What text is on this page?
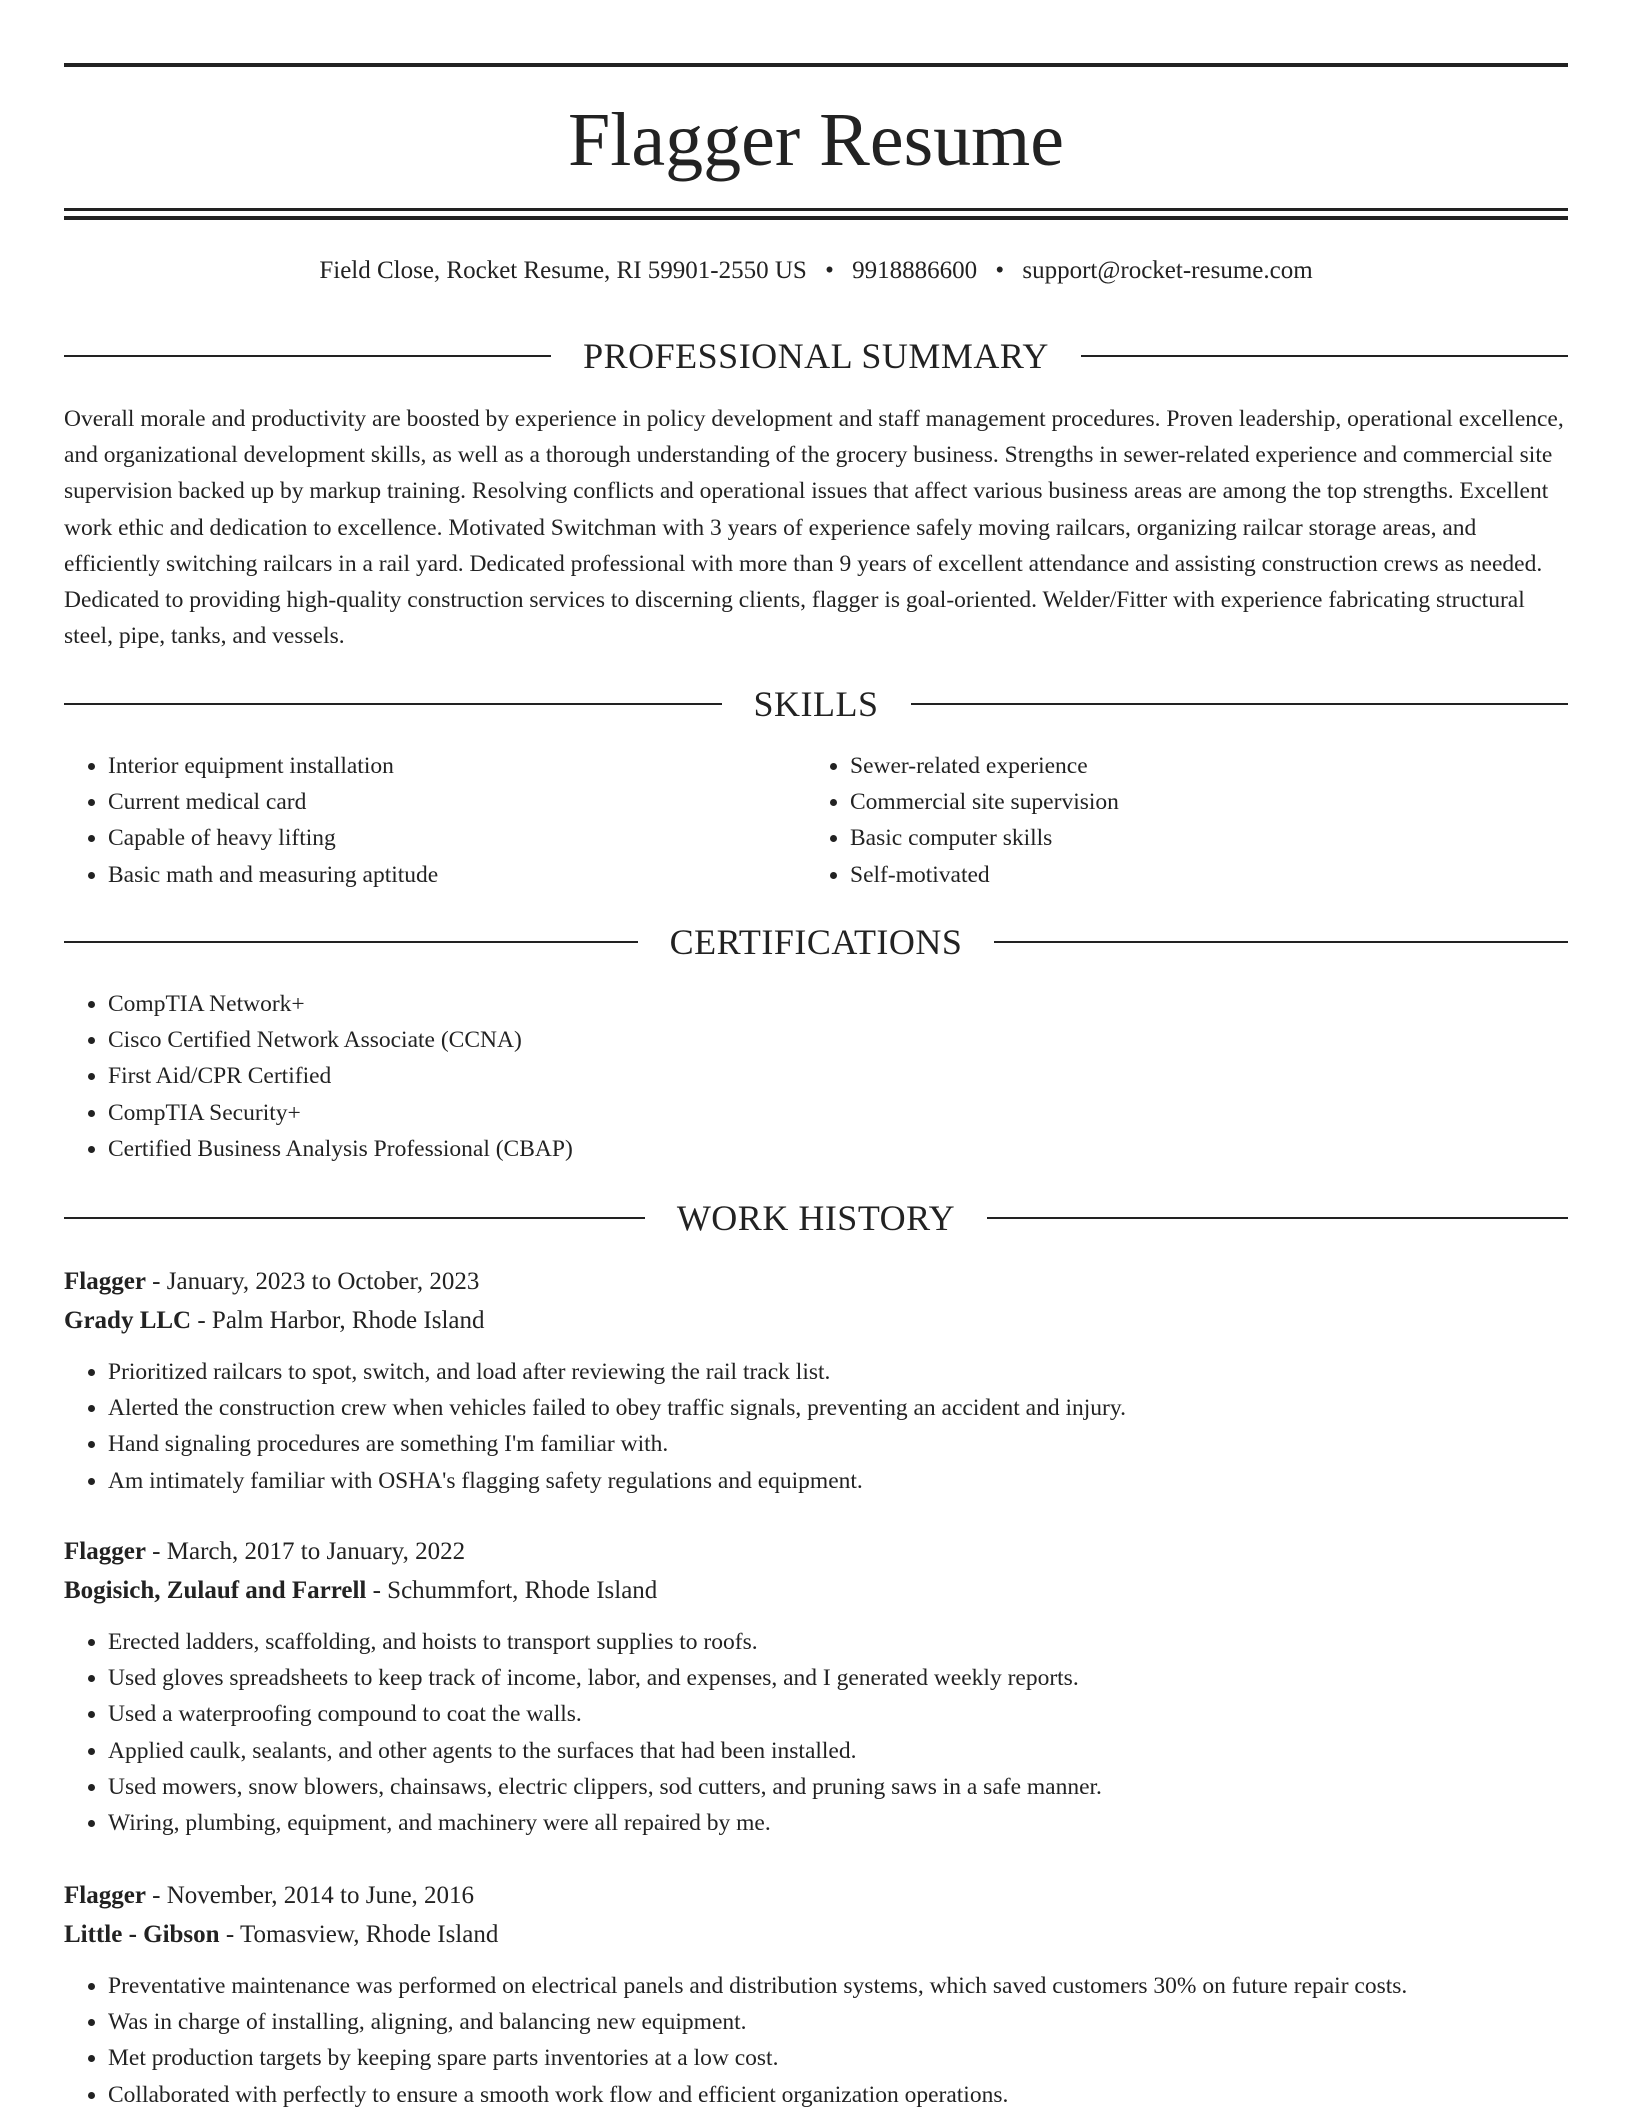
Flagger Resume
Field Close, Rocket Resume, RI 59901-2550 US • 9918886600 • support@rocket-resume.com
PROFESSIONAL SUMMARY

Overall morale and productivity are boosted by experience in policy development and staff management procedures. Proven leadership, operational excellence, and organizational development skills, as well as a thorough understanding of the grocery business. Strengths in sewer-related experience and commercial site supervision backed up by markup training. Resolving conflicts and operational issues that affect various business areas are among the top strengths. Excellent work ethic and dedication to excellence. Motivated Switchman with 3 years of experience safely moving railcars, organizing railcar storage areas, and efficiently switching railcars in a rail yard. Dedicated professional with more than 9 years of excellent attendance and assisting construction crews as needed. Dedicated to providing high-quality construction services to discerning clients, flagger is goal-oriented. Welder/Fitter with experience fabricating structural steel, pipe, tanks, and vessels.

SKILLS
• Interior equipment installation
• Current medical card
• Capable of heavy lifting
• Basic math and measuring aptitude
• Sewer-related experience
• Commercial site supervision
• Basic computer skills
• Self-motivated
CERTIFICATIONS
• CompTIA Network+
• Cisco Certified Network Associate (CCNA)
• First Aid/CPR Certified
• CompTIA Security+
• Certified Business Analysis Professional (CBAP)
WORK HISTORY
Flagger - January, 2023 to October, 2023
Grady LLC - Palm Harbor, Rhode Island
• Prioritized railcars to spot, switch, and load after reviewing the rail track list.
• Alerted the construction crew when vehicles failed to obey traffic signals, preventing an accident and injury.
• Hand signaling procedures are something I'm familiar with.
• Am intimately familiar with OSHA's flagging safety regulations and equipment.
Flagger - March, 2017 to January, 2022
Bogisich, Zulauf and Farrell - Schummfort, Rhode Island
• Erected ladders, scaffolding, and hoists to transport supplies to roofs.
• Used gloves spreadsheets to keep track of income, labor, and expenses, and I generated weekly reports.
• Used a waterproofing compound to coat the walls.
• Applied caulk, sealants, and other agents to the surfaces that had been installed.
• Used mowers, snow blowers, chainsaws, electric clippers, sod cutters, and pruning saws in a safe manner.
• Wiring, plumbing, equipment, and machinery were all repaired by me.
Flagger - November, 2014 to June, 2016
Little - Gibson - Tomasview, Rhode Island
• Preventative maintenance was performed on electrical panels and distribution systems, which saved customers 30% on future repair costs.
• Was in charge of installing, aligning, and balancing new equipment.
• Met production targets by keeping spare parts inventories at a low cost.
• Collaborated with perfectly to ensure a smooth work flow and efficient organization operations.
